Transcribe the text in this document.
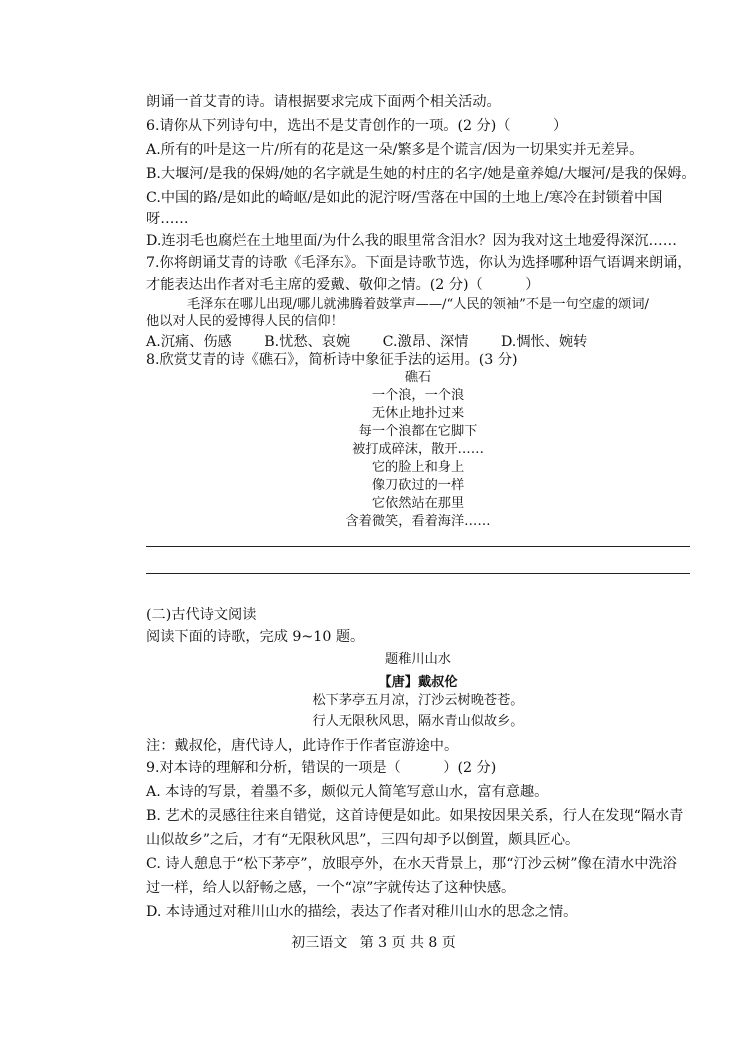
朗诵一首艾青的诗。请根据要求完成下面两个相关活动。
6.请你从下列诗句中，选出不是艾青创作的一项。(2 分)（　　　）
A.所有的叶是这一片/所有的花是这一朵/繁多是个谎言/因为一切果实并无差异。
B.大堰河/是我的保姆/她的名字就是生她的村庄的名字/她是童养媳/大堰河/是我的保姆。
C.中国的路/是如此的崎岖/是如此的泥泞呀/雪落在中国的土地上/寒冷在封锁着中国
呀……
D.连羽毛也腐烂在土地里面/为什么我的眼里常含泪水？因为我对这土地爱得深沉……
7.你将朗诵艾青的诗歌《毛泽东》。下面是诗歌节选，你认为选择哪种语气语调来朗诵，
才能表达出作者对毛主席的爱戴、敬仰之情。(2 分)（　　　）
毛泽东在哪儿出现/哪儿就沸腾着鼓掌声——/“人民的领袖”不是一句空虚的颂词/
他以对人民的爱博得人民的信仰！
A.沉痛、伤感 B.忧愁、哀婉 C.激昂、深情 D.惆怅、婉转
8.欣赏艾青的诗《礁石》，简析诗中象征手法的运用。(3 分)
礁石
一个浪，一个浪
无休止地扑过来
每一个浪都在它脚下
被打成碎沫，散开……
它的脸上和身上
像刀砍过的一样
它依然站在那里
含着微笑，看着海洋……
(二)古代诗文阅读
阅读下面的诗歌，完成 9~10 题。
题稚川山水
【唐】戴叔伦
松下茅亭五月凉，汀沙云树晚苍苍。
行人无限秋风思，隔水青山似故乡。
注：戴叔伦，唐代诗人，此诗作于作者宦游途中。
9.对本诗的理解和分析，错误的一项是（　　　）(2 分)
A. 本诗的写景，着墨不多，颇似元人简笔写意山水，富有意趣。
B. 艺术的灵感往往来自错觉，这首诗便是如此。如果按因果关系，行人在发现“隔水青
山似故乡”之后，才有“无限秋风思”，三四句却予以倒置，颇具匠心。
C. 诗人憩息于“松下茅亭”，放眼亭外，在水天背景上，那“汀沙云树”像在清水中洗浴
过一样，给人以舒畅之感，一个“凉”字就传达了这种快感。
D. 本诗通过对稚川山水的描绘，表达了作者对稚川山水的思念之情。
初三语文 第 3 页 共 8 页
